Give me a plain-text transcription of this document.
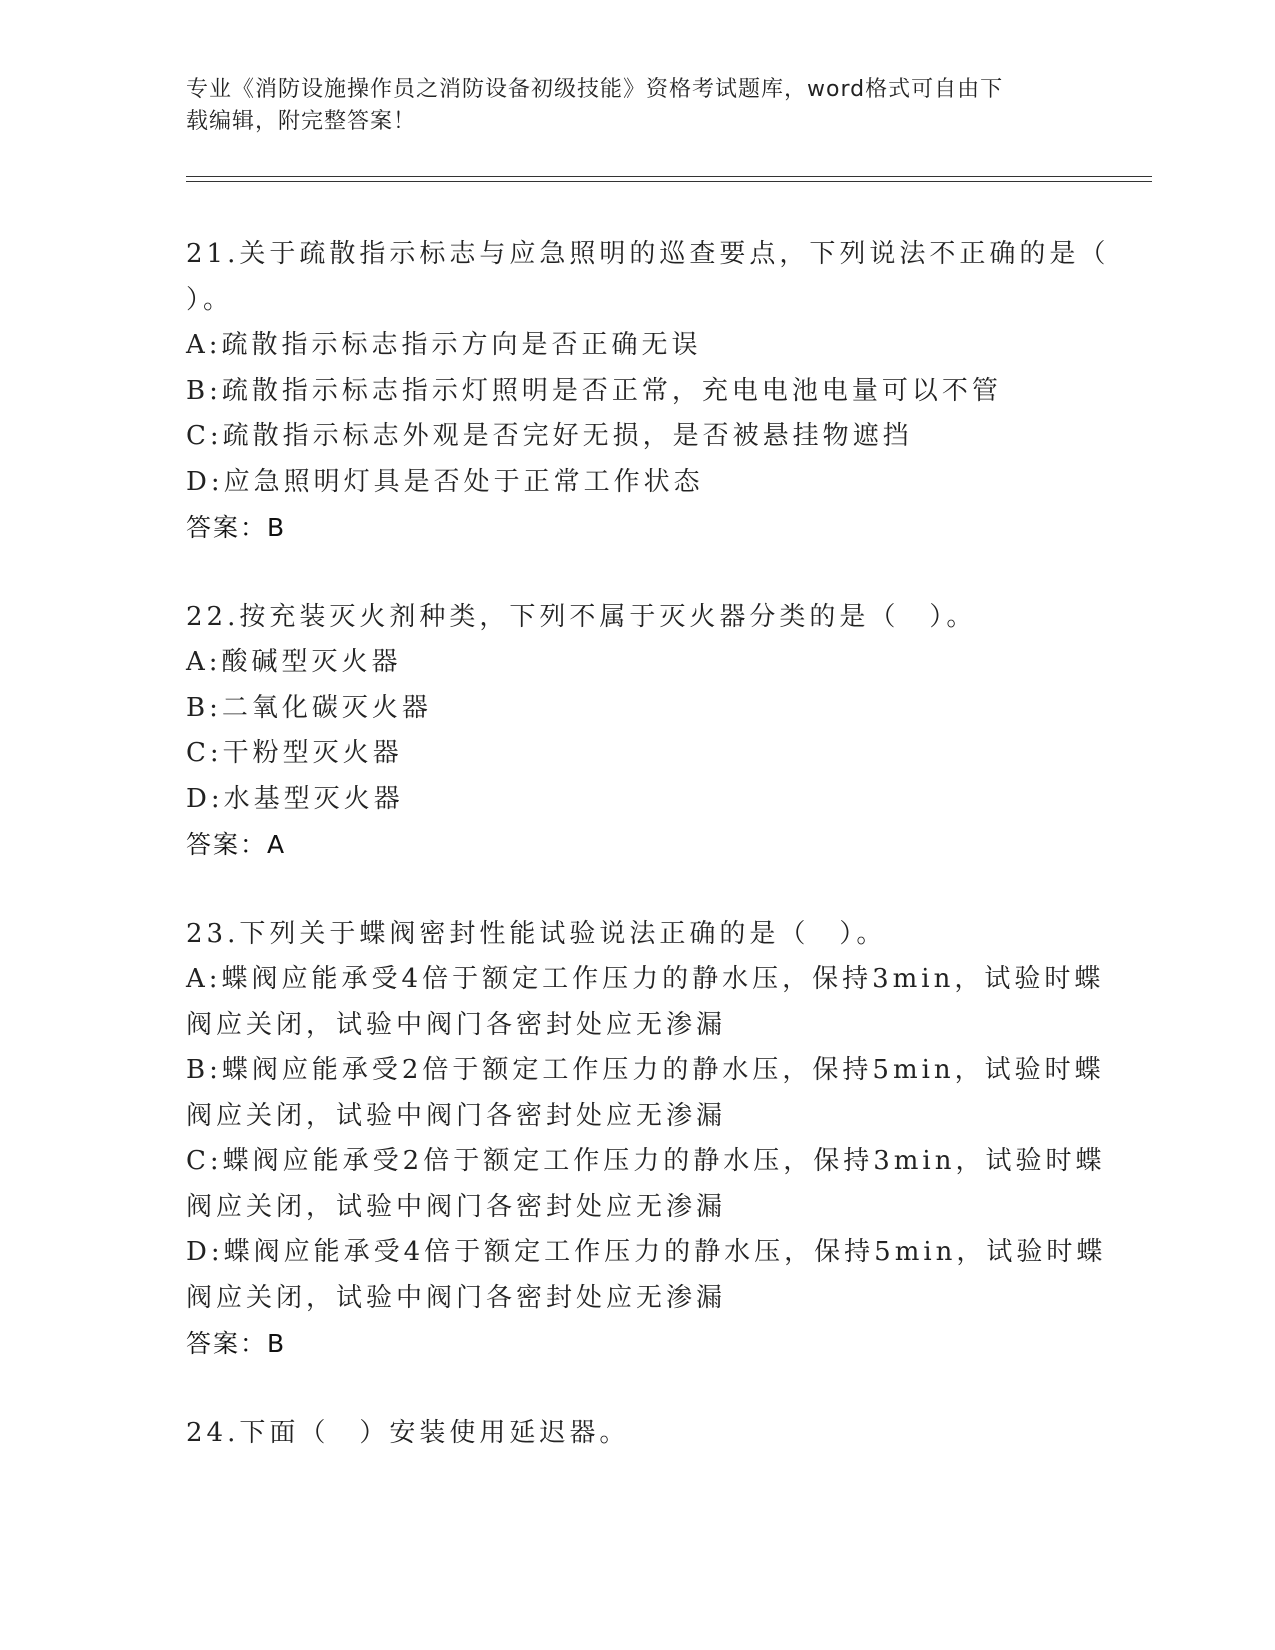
专业《消防设施操作员之消防设备初级技能》资格考试题库，word格式可自由下
载编辑，附完整答案！
21.关于疏散指示标志与应急照明的巡查要点，下列说法不正确的是（
）。
A:疏散指示标志指示方向是否正确无误
B:疏散指示标志指示灯照明是否正常，充电电池电量可以不管
C:疏散指示标志外观是否完好无损，是否被悬挂物遮挡
D:应急照明灯具是否处于正常工作状态
答案：B
22.按充装灭火剂种类，下列不属于灭火器分类的是（　）。
A:酸碱型灭火器
B:二氧化碳灭火器
C:干粉型灭火器
D:水基型灭火器
答案：A
23.下列关于蝶阀密封性能试验说法正确的是（　）。
A:蝶阀应能承受4倍于额定工作压力的静水压，保持3min，试验时蝶
阀应关闭，试验中阀门各密封处应无渗漏
B:蝶阀应能承受2倍于额定工作压力的静水压，保持5min，试验时蝶
阀应关闭，试验中阀门各密封处应无渗漏
C:蝶阀应能承受2倍于额定工作压力的静水压，保持3min，试验时蝶
阀应关闭，试验中阀门各密封处应无渗漏
D:蝶阀应能承受4倍于额定工作压力的静水压，保持5min，试验时蝶
阀应关闭，试验中阀门各密封处应无渗漏
答案：B
24.下面（　）安装使用延迟器。
